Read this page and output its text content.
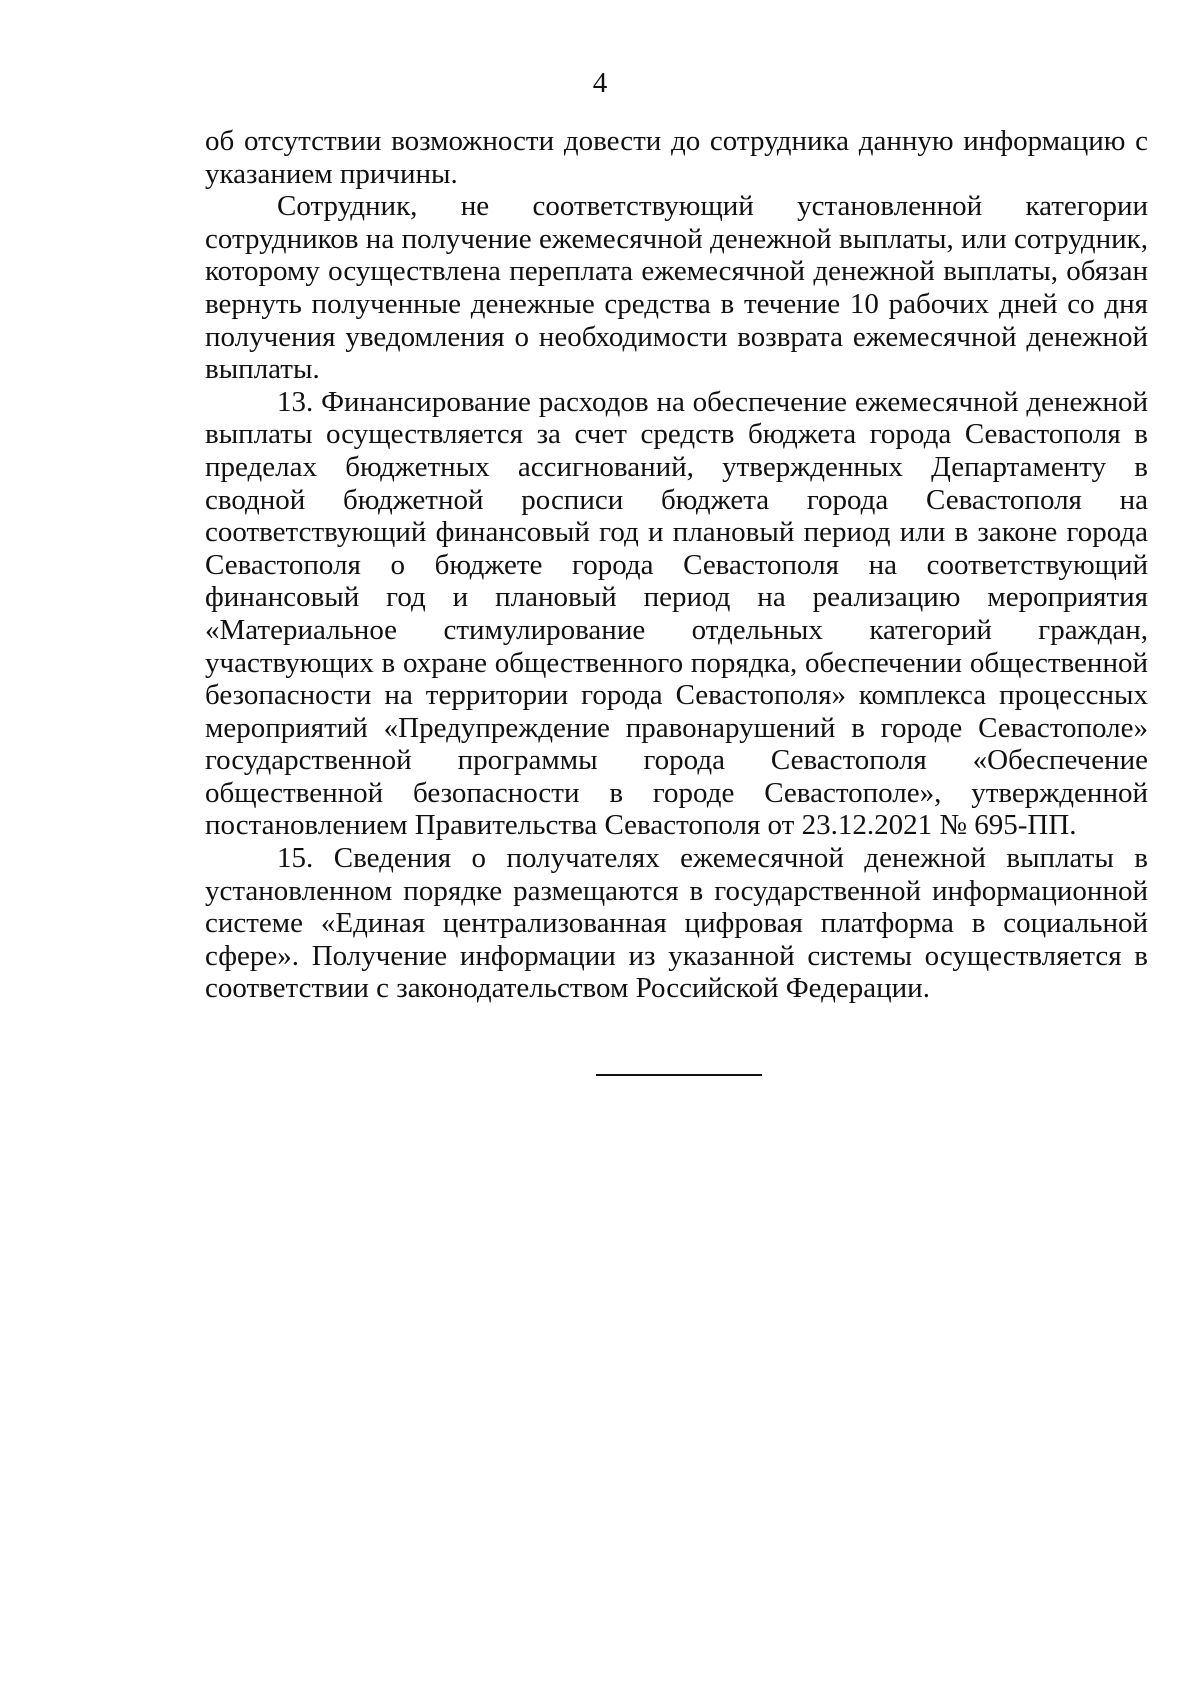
4

об отсутствии возможности довести до сотрудника данную информацию с указанием причины.

Сотрудник, не соответствующий установленной категории сотрудников на получение ежемесячной денежной выплаты, или сотрудник, которому осуществлена переплата ежемесячной денежной выплаты, обязан вернуть полученные денежные средства в течение 10 рабочих дней со дня получения уведомления о необходимости возврата ежемесячной денежной выплаты.

13. Финансирование расходов на обеспечение ежемесячной денежной выплаты осуществляется за счет средств бюджета города Севастополя в пределах бюджетных ассигнований, утвержденных Департаменту в сводной бюджетной росписи бюджета города Севастополя на соответствующий финансовый год и плановый период или в законе города Севастополя о бюджете города Севастополя на соответствующий финансовый год и плановый период на реализацию мероприятия «Материальное стимулирование отдельных категорий граждан, участвующих в охране общественного порядка, обеспечении общественной безопасности на территории города Севастополя» комплекса процессных мероприятий «Предупреждение правонарушений в городе Севастополе» государственной программы города Севастополя «Обеспечение общественной безопасности в городе Севастополе», утвержденной постановлением Правительства Севастополя от 23.12.2021 № 695-ПП.

15. Сведения о получателях ежемесячной денежной выплаты в установленном порядке размещаются в государственной информационной системе «Единая централизованная цифровая платформа в социальной сфере». Получение информации из указанной системы осуществляется в соответствии с законодательством Российской Федерации.
